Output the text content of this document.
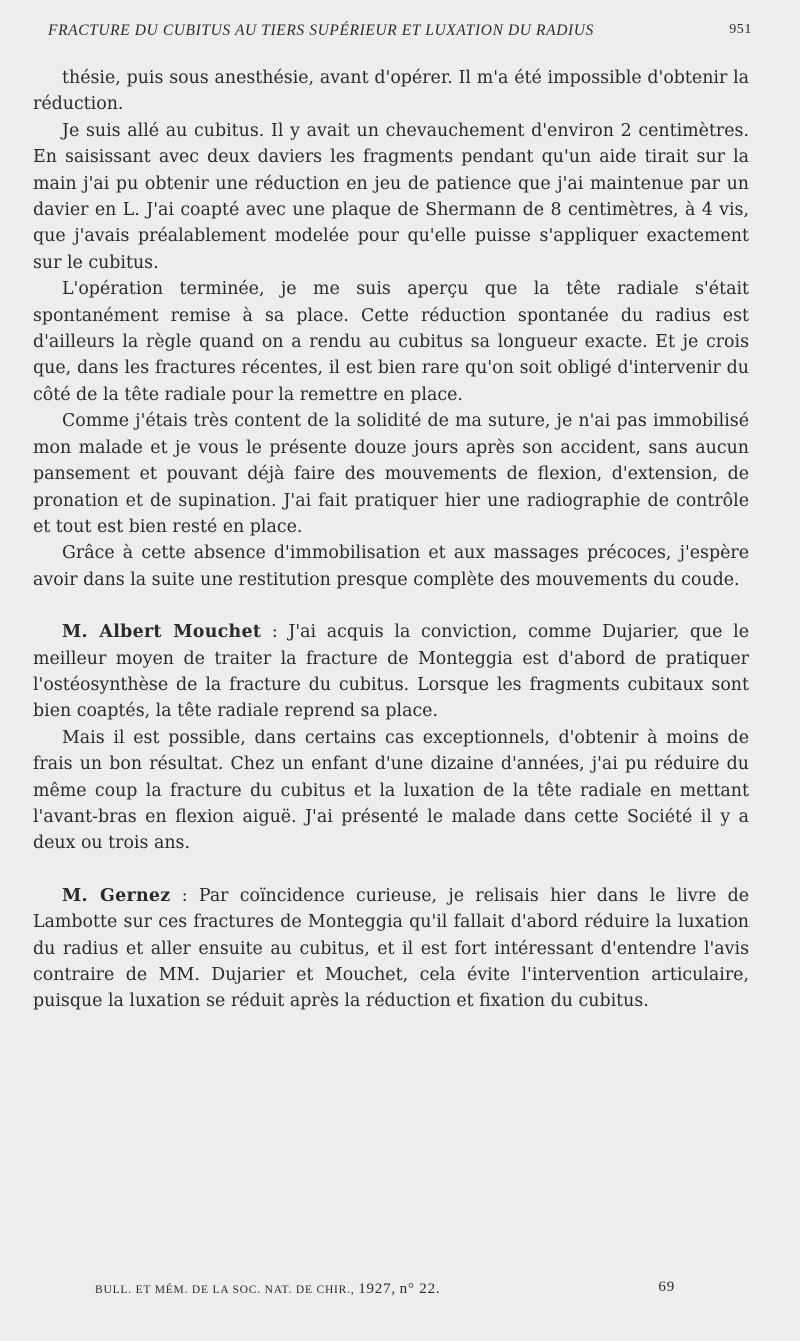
FRACTURE DU CUBITUS AU TIERS SUPÉRIEUR ET LUXATION DU RADIUS	951

thésie, puis sous anesthésie, avant d'opérer. Il m'a été impossible d'obtenir la réduction.

Je suis allé au cubitus. Il y avait un chevauchement d'environ 2 centimètres. En saisissant avec deux daviers les fragments pendant qu'un aide tirait sur la main j'ai pu obtenir une réduction en jeu de patience que j'ai maintenue par un davier en L. J'ai coapté avec une plaque de Shermann de 8 centimètres, à 4 vis, que j'avais préalablement modelée pour qu'elle puisse s'appliquer exactement sur le cubitus.

L'opération terminée, je me suis aperçu que la tête radiale s'était spontanément remise à sa place. Cette réduction spontanée du radius est d'ailleurs la règle quand on a rendu au cubitus sa longueur exacte. Et je crois que, dans les fractures récentes, il est bien rare qu'on soit obligé d'intervenir du côté de la tête radiale pour la remettre en place.

Comme j'étais très content de la solidité de ma suture, je n'ai pas immobilisé mon malade et je vous le présente douze jours après son accident, sans aucun pansement et pouvant déjà faire des mouvements de flexion, d'extension, de pronation et de supination. J'ai fait pratiquer hier une radiographie de contrôle et tout est bien resté en place.

Grâce à cette absence d'immobilisation et aux massages précoces, j'espère avoir dans la suite une restitution presque complète des mouvements du coude.

M. Albert Mouchet : J'ai acquis la conviction, comme Dujarier, que le meilleur moyen de traiter la fracture de Monteggia est d'abord de pratiquer l'ostéosynthèse de la fracture du cubitus. Lorsque les fragments cubitaux sont bien coaptés, la tête radiale reprend sa place.

Mais il est possible, dans certains cas exceptionnels, d'obtenir à moins de frais un bon résultat. Chez un enfant d'une dizaine d'années, j'ai pu réduire du même coup la fracture du cubitus et la luxation de la tête radiale en mettant l'avant-bras en flexion aiguë. J'ai présenté le malade dans cette Société il y a deux ou trois ans.

M. Gernez : Par coïncidence curieuse, je relisais hier dans le livre de Lambotte sur ces fractures de Monteggia qu'il fallait d'abord réduire la luxation du radius et aller ensuite au cubitus, et il est fort intéressant d'entendre l'avis contraire de MM. Dujarier et Mouchet, cela évite l'intervention articulaire, puisque la luxation se réduit après la réduction et fixation du cubitus.

BULL. ET MÉM. DE LA SOC. NAT. DE CHIR., 1927, n° 22.	69
